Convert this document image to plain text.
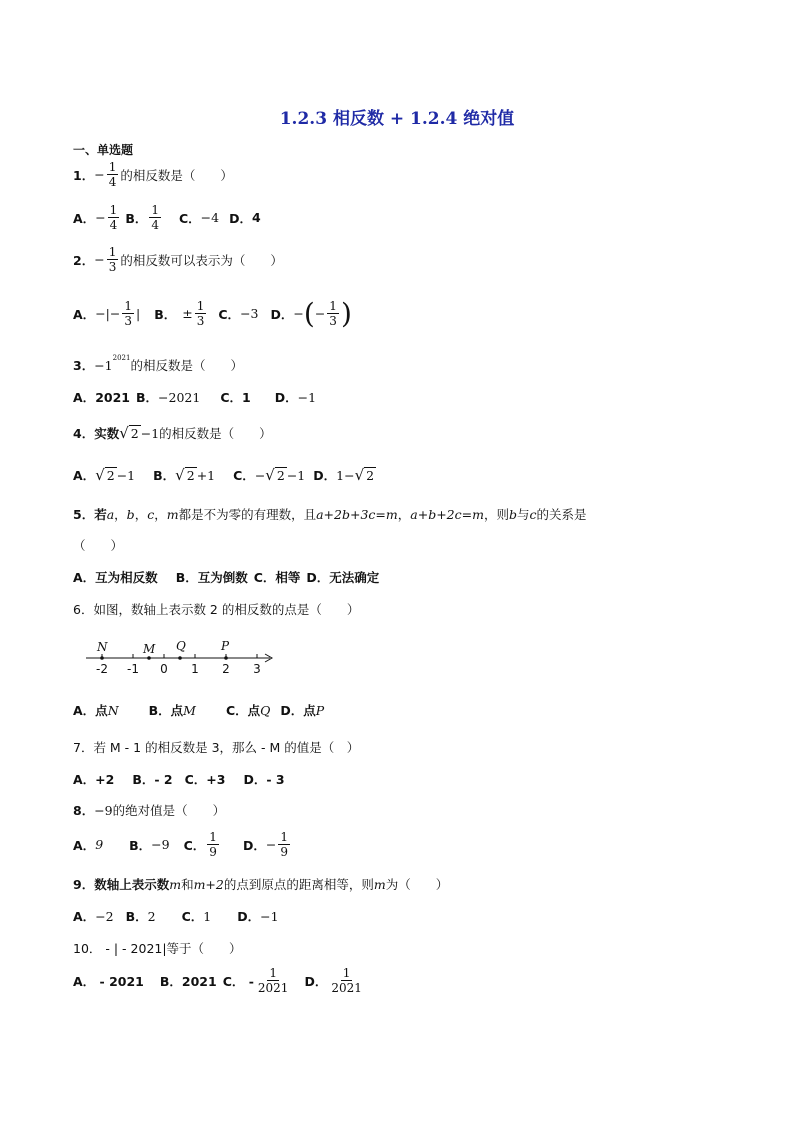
1.2.3 相反数 + 1.2.4 绝对值
一、单选题
1． − $\frac{1}{4}$ 的相反数是（　　）
A． − $\frac{1}{4}$ B． $\frac{1}{4}$ C． −4 D． 4
2． − $\frac{1}{3}$ 的相反数可以表示为（　　）
A． −|− $\frac{1}{3}$ | B． ± $\frac{1}{3}$ C． −3 D． − ( − $\frac{1}{3}$ )
3． −1 2021 的相反数是（　　）
A． 2021 B． −2021 C． 1 D． −1
4．实数 √ 2 −1 的相反数是（　　）
A． √ 2 −1 B． √ 2 +1 C． − √ 2 −1 D． 1− √ 2
5．若 a ， b ， c ， m 都是不为零的有理数，且 a+2b+3c=m ， a+b+2c=m ，则 b 与 c 的关系是
（　　）
A．互为相反数 B．互为倒数 C．相等 D．无法确定
6．如图，数轴上表示数 2 的相反数的点是（　　）
N	M Q	P
-2 -1 0 1 2 3
A．点 N B．点 M C．点 Q D．点 P
7．若 M - 1 的相反数是 3，那么 - M 的值是（　）
A．+2 B．- 2 C．+3 D．- 3
8． −9 的绝对值是（　　）
A． 9 B． −9 C． $\frac{1}{9}$ D． − $\frac{1}{9}$
9．数轴上表示数 m 和 m+2 的点到原点的距离相等，则 m 为（　　）
A． −2 B． 2 C． 1 D． −1
10． - | - 2021|等于（　　）
A． - 2021 B．2021 C． - $\frac{1}{2021}$ D． $\frac{1}{2021}$
